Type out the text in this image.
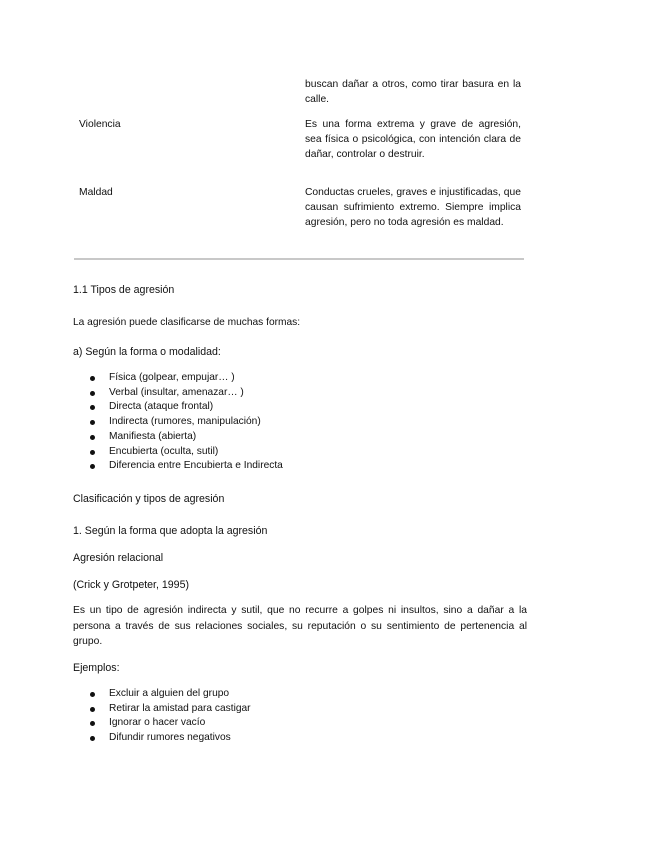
buscan dañar a otros, como tirar basura en la calle.
Violencia	Es una forma extrema y grave de agresión, sea física o psicológica, con intención clara de dañar, controlar o destruir.
Maldad	Conductas crueles, graves e injustificadas, que causan sufrimiento extremo. Siempre implica agresión, pero no toda agresión es maldad.
1.1 Tipos de agresión
La agresión puede clasificarse de muchas formas:
a) Según la forma o modalidad:
Física (golpear, empujar… )
Verbal (insultar, amenazar… )
Directa (ataque frontal)
Indirecta (rumores, manipulación)
Manifiesta (abierta)
Encubierta (oculta, sutil)
Diferencia entre Encubierta e Indirecta
Clasificación y tipos de agresión
1. Según la forma que adopta la agresión
Agresión relacional
(Crick y Grotpeter, 1995)
Es un tipo de agresión indirecta y sutil, que no recurre a golpes ni insultos, sino a dañar a la persona a través de sus relaciones sociales, su reputación o su sentimiento de pertenencia al grupo.
Ejemplos:
Excluir a alguien del grupo
Retirar la amistad para castigar
Ignorar o hacer vacío
Difundir rumores negativos
